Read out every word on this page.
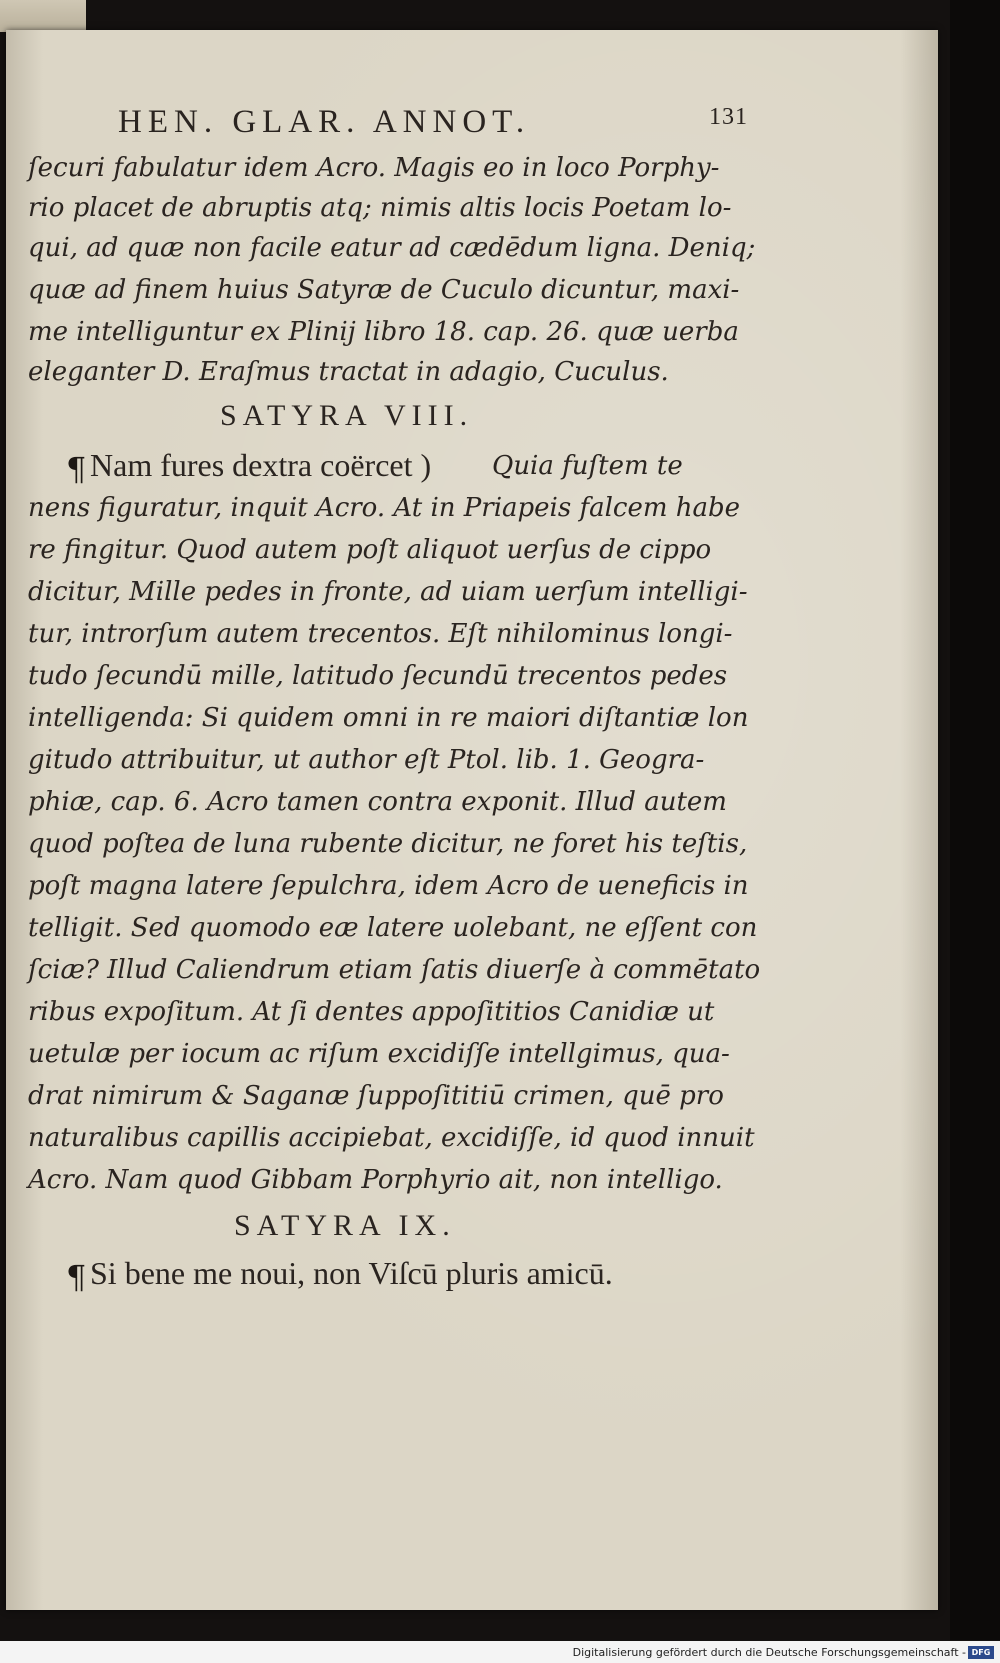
HEN. GLAR. ANNOT.	131
ſecuri fabulatur idem Acro. Magis eo in loco Porphy-
rio placet de abruptis atq; nimis altis locis Poetam lo-
qui, ad quæ non facile eatur ad cædēdum ligna. Deniq;
quæ ad finem huius Satyræ de Cuculo dicuntur, maxi-
me intelliguntur ex Plinij libro 18. cap. 26. quæ uerba
eleganter D. Eraſmus tractat in adagio, Cuculus.
SATYRA VIII.
¶ Nam fures dextra coërcet ) Quia fuſtem te
nens figuratur, inquit Acro. At in Priapeis falcem habe
re fingitur. Quod autem poſt aliquot uerſus de cippo
dicitur, Mille pedes in fronte, ad uiam uerſum intelligi-
tur, introrſum autem trecentos. Eſt nihilominus longi-
tudo ſecundū mille, latitudo ſecundū trecentos pedes
intelligenda: Si quidem omni in re maiori diſtantiæ lon
gitudo attribuitur, ut author eſt Ptol. lib. 1. Geogra-
phiæ, cap. 6. Acro tamen contra exponit. Illud autem
quod poſtea de luna rubente dicitur, ne foret his teſtis,
poſt magna latere ſepulchra, idem Acro de ueneficis in
telligit. Sed quomodo eæ latere uolebant, ne eſſent con
ſciæ? Illud Caliendrum etiam ſatis diuerſe à commētato
ribus expoſitum. At ſi dentes appoſititios Canidiæ ut
uetulæ per iocum ac riſum excidiſſe intellgimus, qua-
drat nimirum & Saganæ ſuppoſititiū crimen, quē pro
naturalibus capillis accipiebat, excidiſſe, id quod innuit
Acro. Nam quod Gibbam Porphyrio ait, non intelligo.
SATYRA IX.
¶ Si bene me noui, non Viſcū pluris amicū.
Digitalisierung gefördert durch die Deutsche Forschungsgemeinschaft - DFG
